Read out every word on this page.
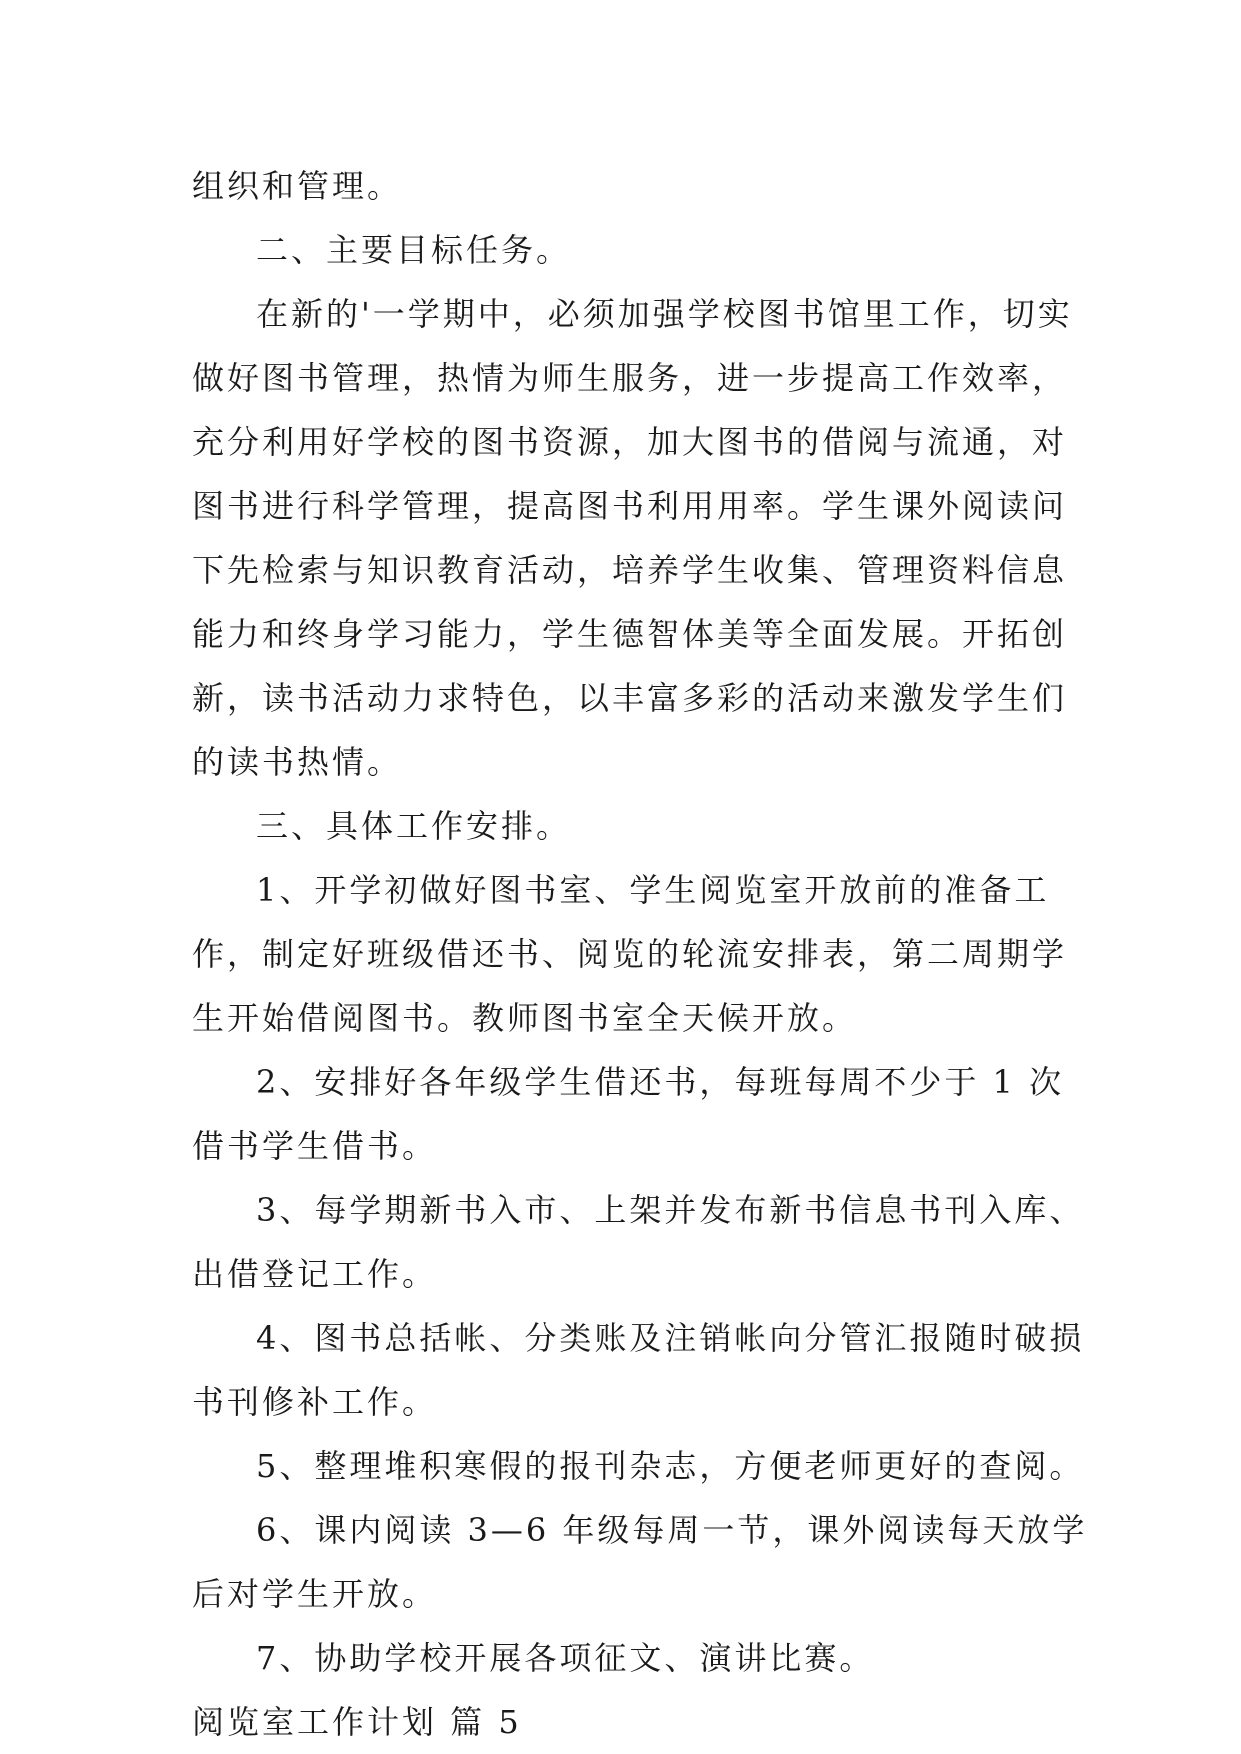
组织和管理。

二、主要目标任务。

在新的'一学期中，必须加强学校图书馆里工作，切实做好图书管理，热情为师生服务，进一步提高工作效率，充分利用好学校的图书资源，加大图书的借阅与流通，对图书进行科学管理，提高图书利用用率。学生课外阅读问下先检索与知识教育活动，培养学生收集、管理资料信息能力和终身学习能力，学生德智体美等全面发展。开拓创新，读书活动力求特色，以丰富多彩的活动来激发学生们的读书热情。

三、具体工作安排。

1、开学初做好图书室、学生阅览室开放前的准备工作，制定好班级借还书、阅览的轮流安排表，第二周期学生开始借阅图书。教师图书室全天候开放。

2、安排好各年级学生借还书，每班每周不少于 1 次借书学生借书。

3、每学期新书入市、上架并发布新书信息书刊入库、出借登记工作。

4、图书总括帐、分类账及注销帐向分管汇报随时破损书刊修补工作。

5、整理堆积寒假的报刊杂志，方便老师更好的查阅。

6、课内阅读 3—6 年级每周一节，课外阅读每天放学后对学生开放。

7、协助学校开展各项征文、演讲比赛。

阅览室工作计划 篇 5
